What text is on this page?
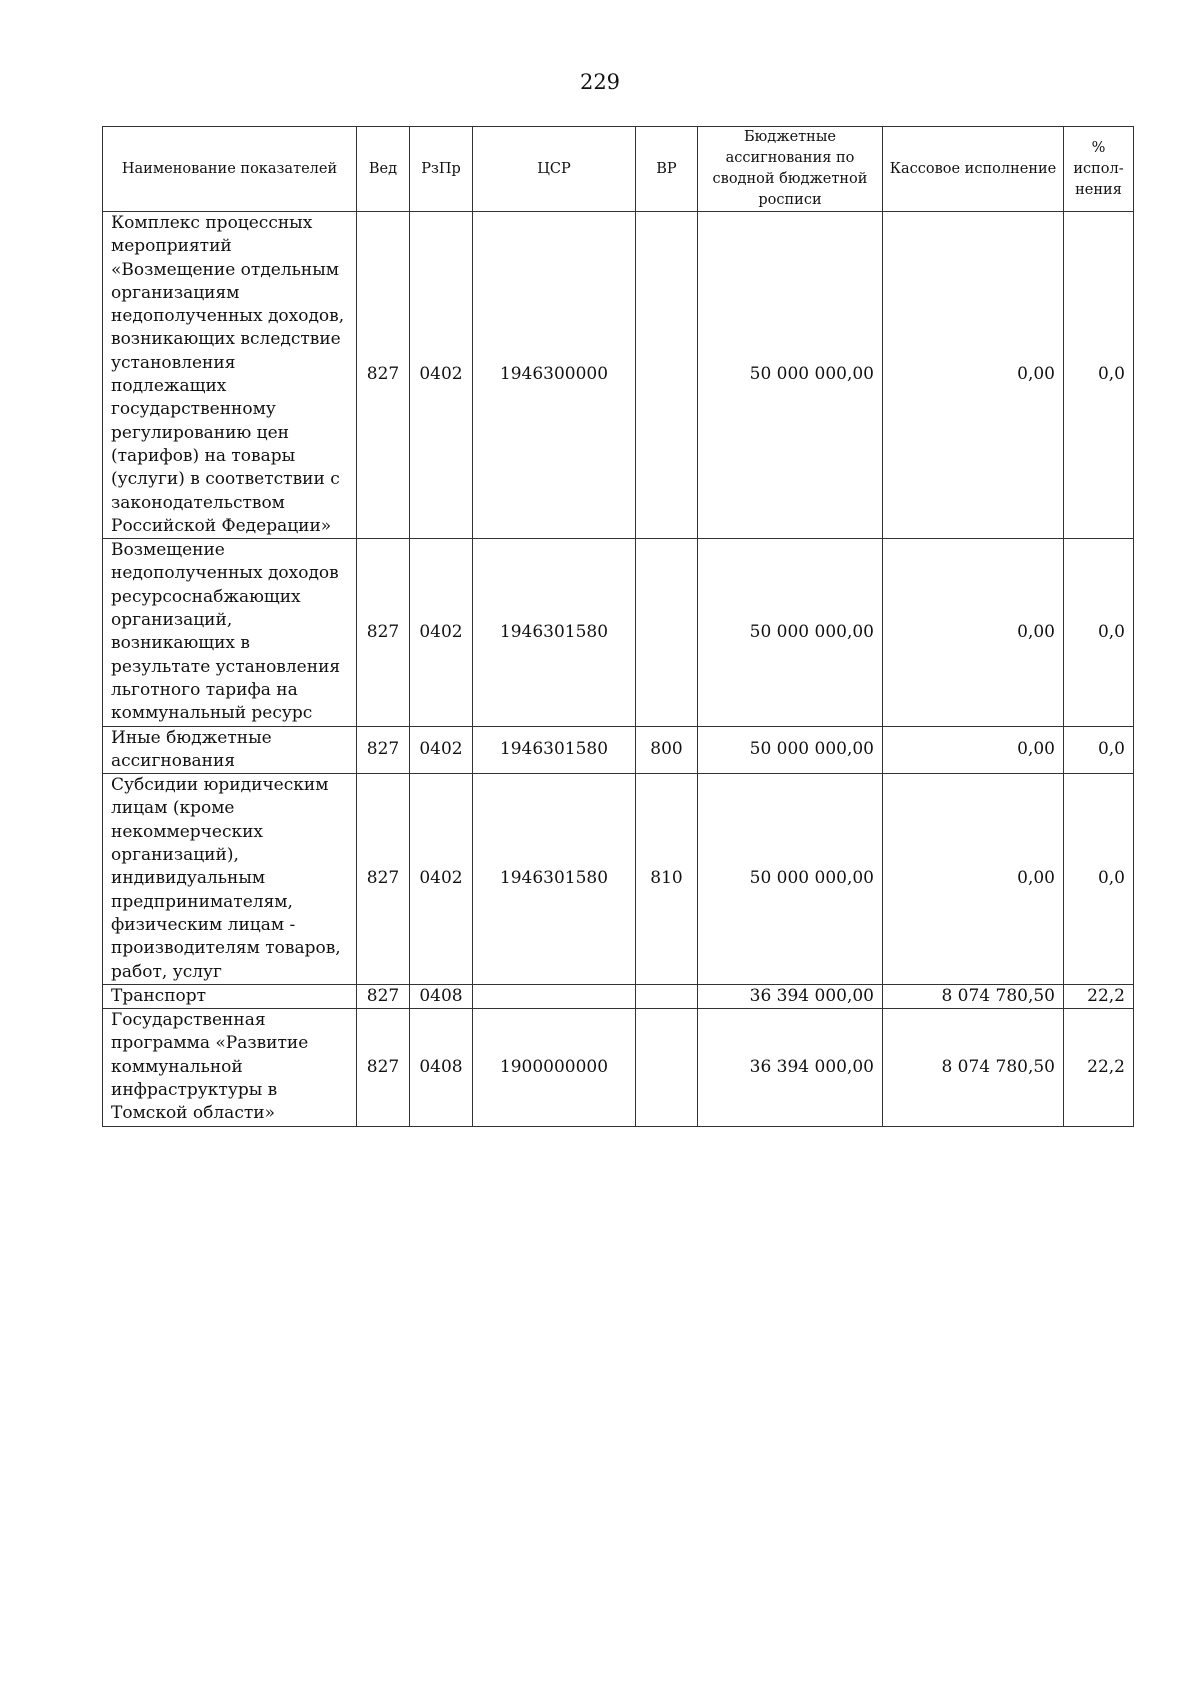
229
Наименование показателей	Вед	РзПр	ЦСР	ВР	Бюджетные ассигнования по сводной бюджетной росписи	Кассовое исполнение	% испол-нения
Комплекс процессных мероприятий «Возмещение отдельным организациям недополученных доходов, возникающих вследствие установления подлежащих государственному регулированию цен (тарифов) на товары (услуги) в соответствии с законодательством Российской Федерации»	827	0402	1946300000		50 000 000,00	0,00	0,0
Возмещение недополученных доходов ресурсоснабжающих организаций, возникающих в результате установления льготного тарифа на коммунальный ресурс	827	0402	1946301580		50 000 000,00	0,00	0,0
Иные бюджетные ассигнования	827	0402	1946301580	800	50 000 000,00	0,00	0,0
Субсидии юридическим лицам (кроме некоммерческих организаций), индивидуальным предпринимателям, физическим лицам - производителям товаров, работ, услуг	827	0402	1946301580	810	50 000 000,00	0,00	0,0
Транспорт	827	0408			36 394 000,00	8 074 780,50	22,2
Государственная программа «Развитие коммунальной инфраструктуры в Томской области»	827	0408	1900000000		36 394 000,00	8 074 780,50	22,2
